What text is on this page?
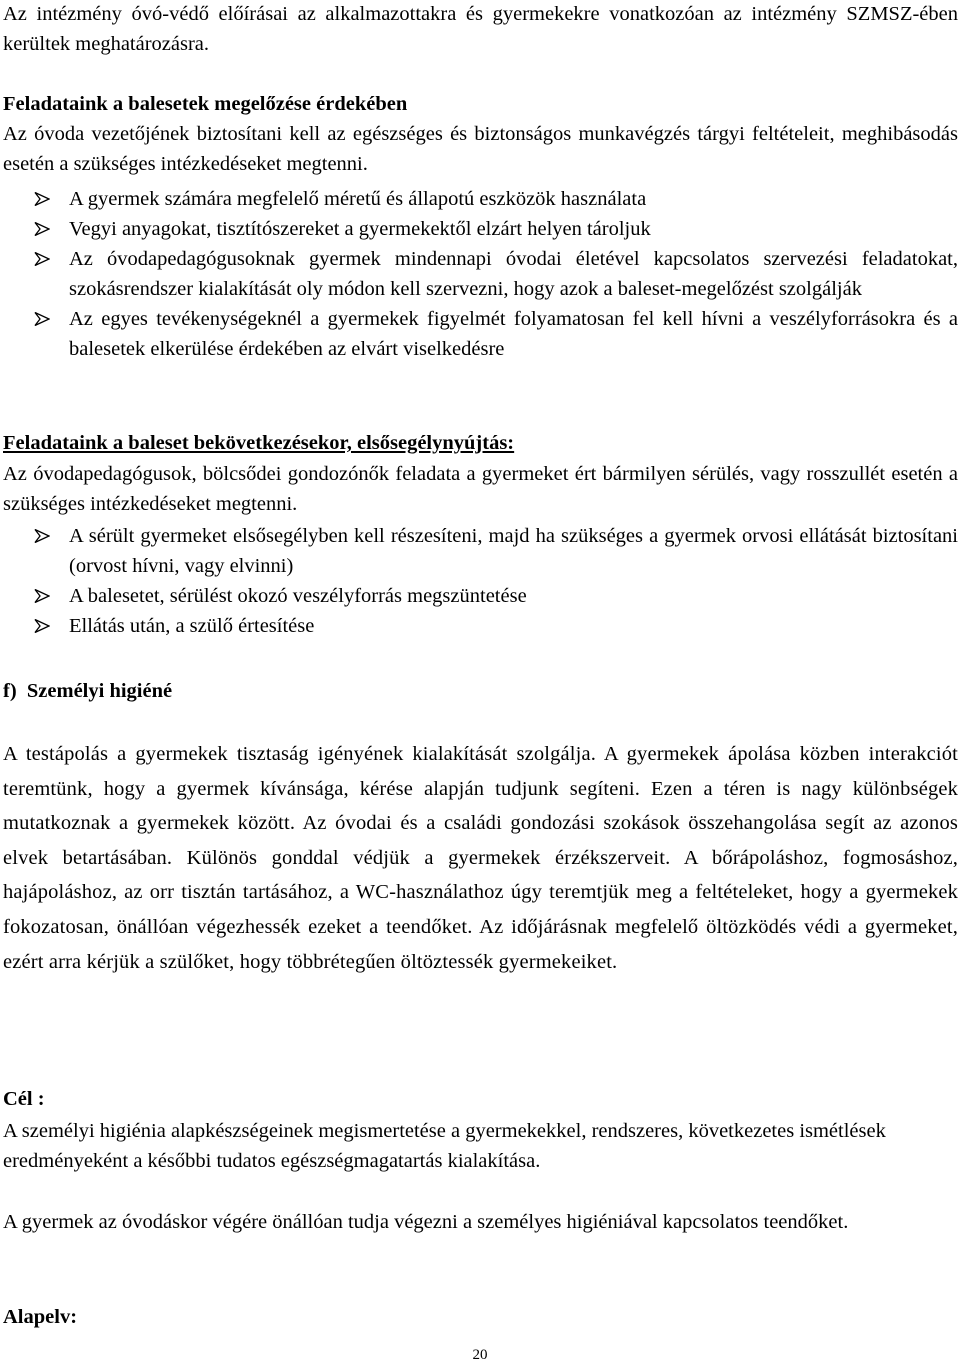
Az intézmény óvó-védő előírásai az alkalmazottakra és gyermekekre vonatkozóan az intézmény SZMSZ-ében kerültek meghatározásra.

Feladataink a balesetek megelőzése érdekében

Az óvoda vezetőjének biztosítani kell az egészséges és biztonságos munkavégzés tárgyi feltételeit, meghibásodás esetén a szükséges intézkedéseket megtenni.

A gyermek számára megfelelő méretű és állapotú eszközök használata
Vegyi anyagokat, tisztítószereket a gyermekektől elzárt helyen tároljuk
Az óvodapedagógusoknak gyermek mindennapi óvodai életével kapcsolatos szervezési feladatokat, szokásrendszer kialakítását oly módon kell szervezni, hogy azok a baleset-megelőzést szolgálják
Az egyes tevékenységeknél a gyermekek figyelmét folyamatosan fel kell hívni a veszélyforrásokra és a balesetek elkerülése érdekében az elvárt viselkedésre

Feladataink a baleset bekövetkezésekor, elsősegélynyújtás:

Az óvodapedagógusok, bölcsődei gondozónők feladata a gyermeket ért bármilyen sérülés, vagy rosszullét esetén a szükséges intézkedéseket megtenni.

A sérült gyermeket elsősegélyben kell részesíteni, majd ha szükséges a gyermek orvosi ellátását biztosítani (orvost hívni, vagy elvinni)
A balesetet, sérülést okozó veszélyforrás megszüntetése
Ellátás után, a szülő értesítése

f) Személyi higiéné

A testápolás a gyermekek tisztaság igényének kialakítását szolgálja. A gyermekek ápolása közben interakciót teremtünk, hogy a gyermek kívánsága, kérése alapján tudjunk segíteni. Ezen a téren is nagy különbségek mutatkoznak a gyermekek között. Az óvodai és a családi gondozási szokások összehangolása segít az azonos elvek betartásában. Különös gonddal védjük a gyermekek érzékszerveit. A bőrápoláshoz, fogmosáshoz, hajápoláshoz, az orr tisztán tartásához, a WC-használathoz úgy teremtjük meg a feltételeket, hogy a gyermekek fokozatosan, önállóan végezhessék ezeket a teendőket. Az időjárásnak megfelelő öltözködés védi a gyermeket, ezért arra kérjük a szülőket, hogy többrétegűen öltöztessék gyermekeiket.

Cél :

A személyi higiénia alapkészségeinek megismertetése a gyermekekkel, rendszeres, következetes ismétlések eredményeként a későbbi tudatos egészségmagatartás kialakítása.

A gyermek az óvodáskor végére önállóan tudja végezni a személyes higiéniával kapcsolatos teendőket.

Alapelv:

20
